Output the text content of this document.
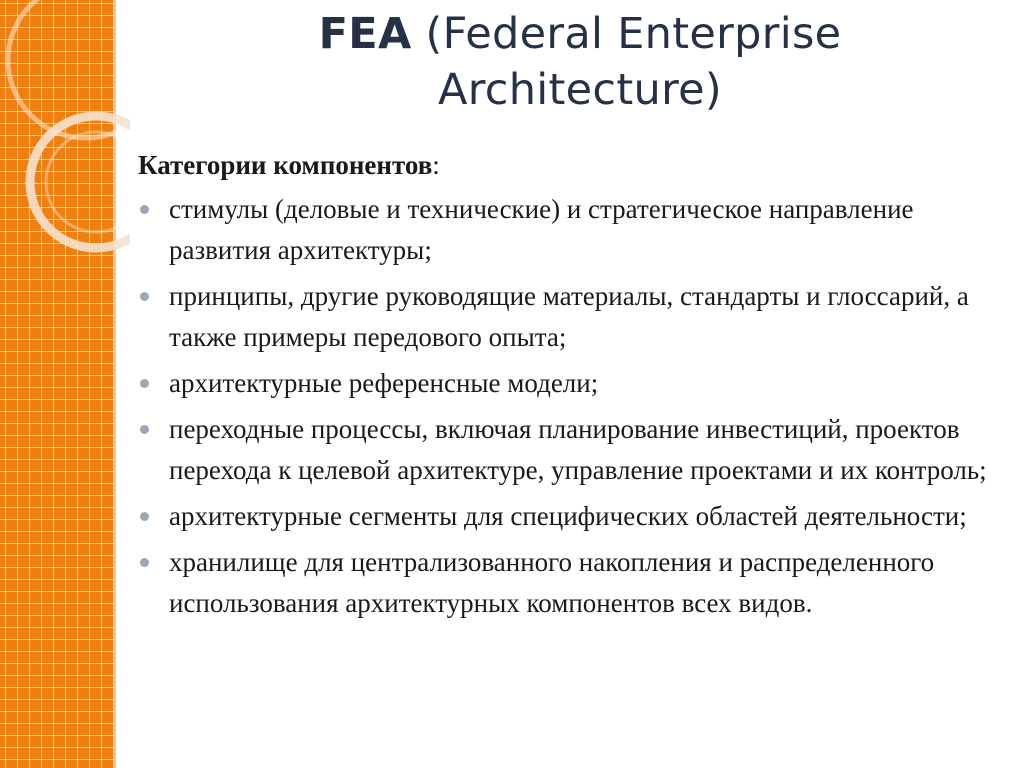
FEA (Federal Enterprise
Architecture)
Категории компонентов:
стимулы (деловые и технические) и стратегическое направление развития архитектуры;
принципы, другие руководящие материалы, стандарты и глоссарий, а также примеры передового опыта;
архитектурные референсные модели;
переходные процессы, включая планирование инвестиций, проектов перехода к целевой архитектуре, управление проектами и их контроль;
архитектурные сегменты для специфических областей деятельности;
хранилище для централизованного накопления и распределенного использования архитектурных компонентов всех видов.
